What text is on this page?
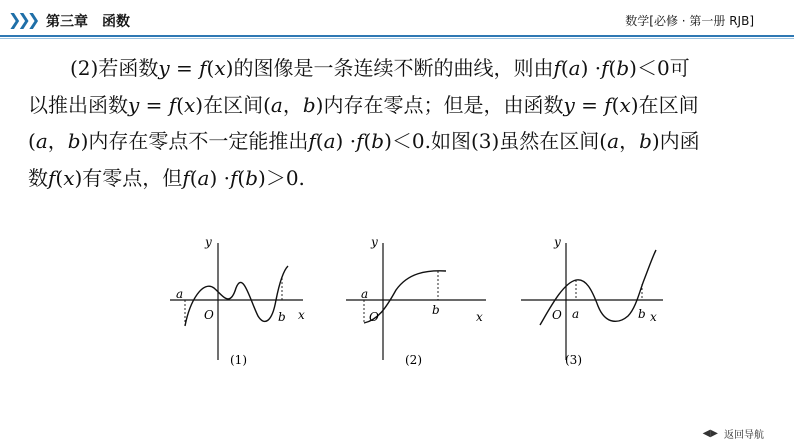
❯❯❯ 第三章　函数	数学[必修 · 第一册 RJB]
(2)若函数y = f(x)的图像是一条连续不断的曲线，则由f(a) ·f(b)＜0可
以推出函数y = f(x)在区间(a，b)内存在零点；但是，由函数y = f(x)在区间
(a，b)内存在零点不一定能推出f(a) ·f(b)＜0.如图(3)虽然在区间(a，b)内函
数f(x)有零点，但f(a) ·f(b)＞0.
y
x
O
a
b
(1)
y
x
O
a
b
(2)
y
x
O a	b
(3)
◀▶ 返回导航
